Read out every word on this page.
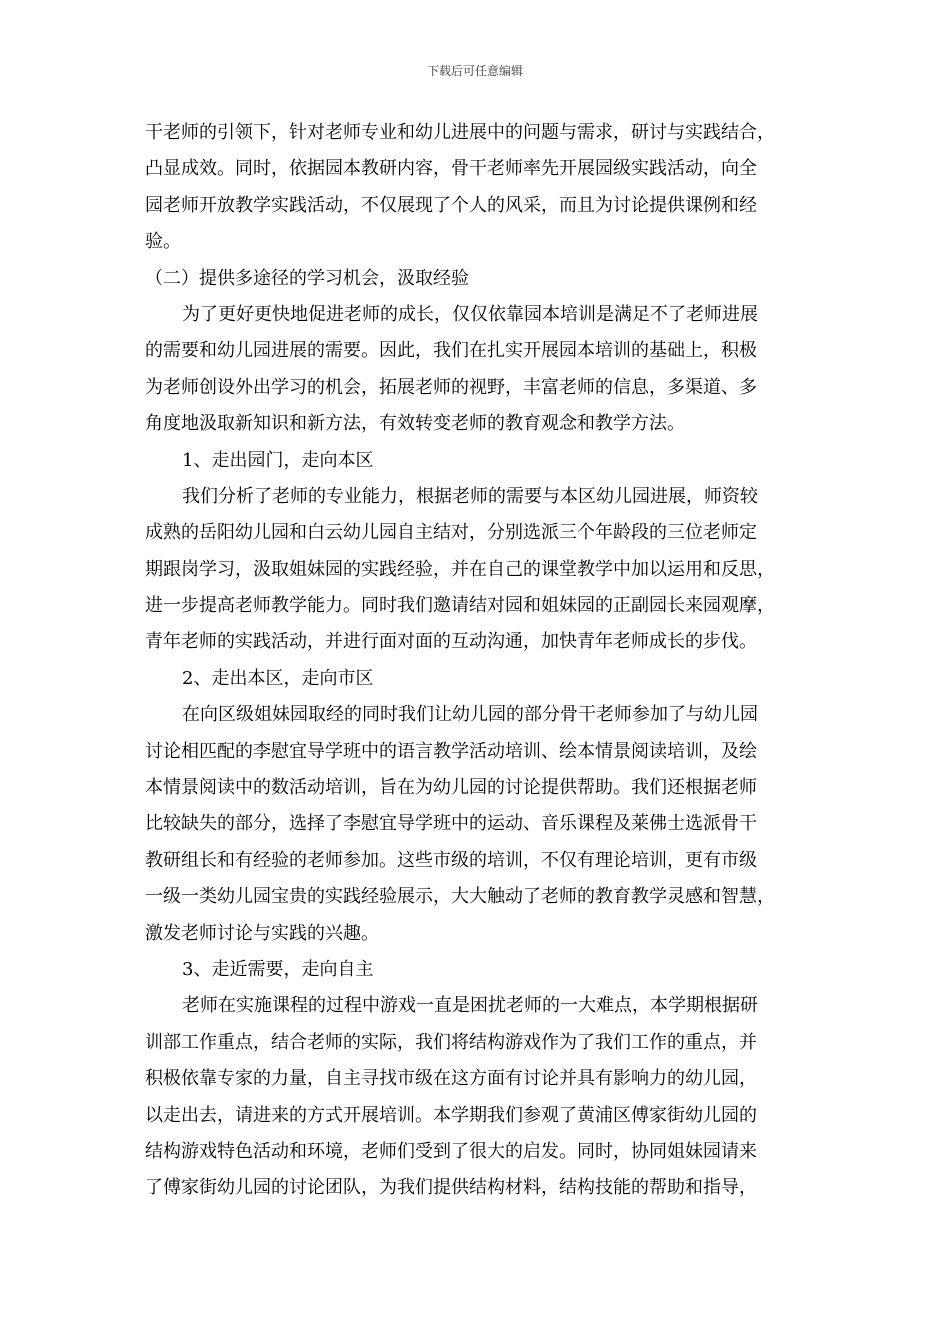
下载后可任意编辑
干老师的引领下，针对老师专业和幼儿进展中的问题与需求，研讨与实践结合，
凸显成效。同时，依据园本教研内容，骨干老师率先开展园级实践活动，向全
园老师开放教学实践活动，不仅展现了个人的风采，而且为讨论提供课例和经
验。
（二）提供多途径的学习机会，汲取经验
为了更好更快地促进老师的成长，仅仅依靠园本培训是满足不了老师进展
的需要和幼儿园进展的需要。因此，我们在扎实开展园本培训的基础上，积极
为老师创设外出学习的机会，拓展老师的视野，丰富老师的信息，多渠道、多
角度地汲取新知识和新方法，有效转变老师的教育观念和教学方法。
1、走出园门，走向本区
我们分析了老师的专业能力，根据老师的需要与本区幼儿园进展，师资较
成熟的岳阳幼儿园和白云幼儿园自主结对，分别选派三个年龄段的三位老师定
期跟岗学习，汲取姐妹园的实践经验，并在自己的课堂教学中加以运用和反思，
进一步提高老师教学能力。同时我们邀请结对园和姐妹园的正副园长来园观摩，
青年老师的实践活动，并进行面对面的互动沟通，加快青年老师成长的步伐。
2、走出本区，走向市区
在向区级姐妹园取经的同时我们让幼儿园的部分骨干老师参加了与幼儿园
讨论相匹配的李慰宜导学班中的语言教学活动培训、绘本情景阅读培训，及绘
本情景阅读中的数活动培训，旨在为幼儿园的讨论提供帮助。我们还根据老师
比较缺失的部分，选择了李慰宜导学班中的运动、音乐课程及莱佛士选派骨干
教研组长和有经验的老师参加。这些市级的培训，不仅有理论培训，更有市级
一级一类幼儿园宝贵的实践经验展示，大大触动了老师的教育教学灵感和智慧，
激发老师讨论与实践的兴趣。
3、走近需要，走向自主
老师在实施课程的过程中游戏一直是困扰老师的一大难点，本学期根据研
训部工作重点，结合老师的实际，我们将结构游戏作为了我们工作的重点，并
积极依靠专家的力量，自主寻找市级在这方面有讨论并具有影响力的幼儿园，
以走出去，请进来的方式开展培训。本学期我们参观了黄浦区傅家街幼儿园的
结构游戏特色活动和环境，老师们受到了很大的启发。同时，协同姐妹园请来
了傅家街幼儿园的讨论团队，为我们提供结构材料，结构技能的帮助和指导，
